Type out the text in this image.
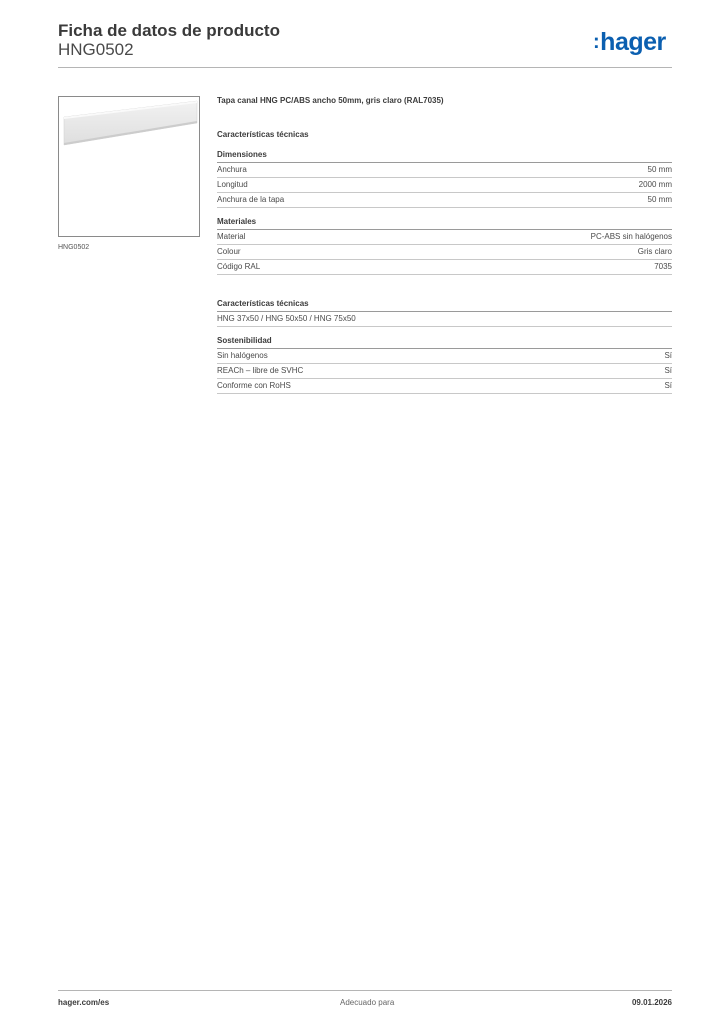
Ficha de datos de producto
HNG0502	:hager
HNG0502
Tapa canal HNG PC/ABS ancho 50mm, gris claro (RAL7035)
Características técnicas
Dimensiones
Anchura	50 mm
Longitud	2000 mm
Anchura de la tapa	50 mm
Materiales
Material	PC-ABS sin halógenos
Colour	Gris claro
Código RAL	7035
Características técnicas
HNG 37x50 / HNG 50x50 / HNG 75x50
Sostenibilidad
Sin halógenos	Sí
REACh – libre de SVHC	Sí
Conforme con RoHS	Sí
hager.com/es	Adecuado para	09.01.2026
